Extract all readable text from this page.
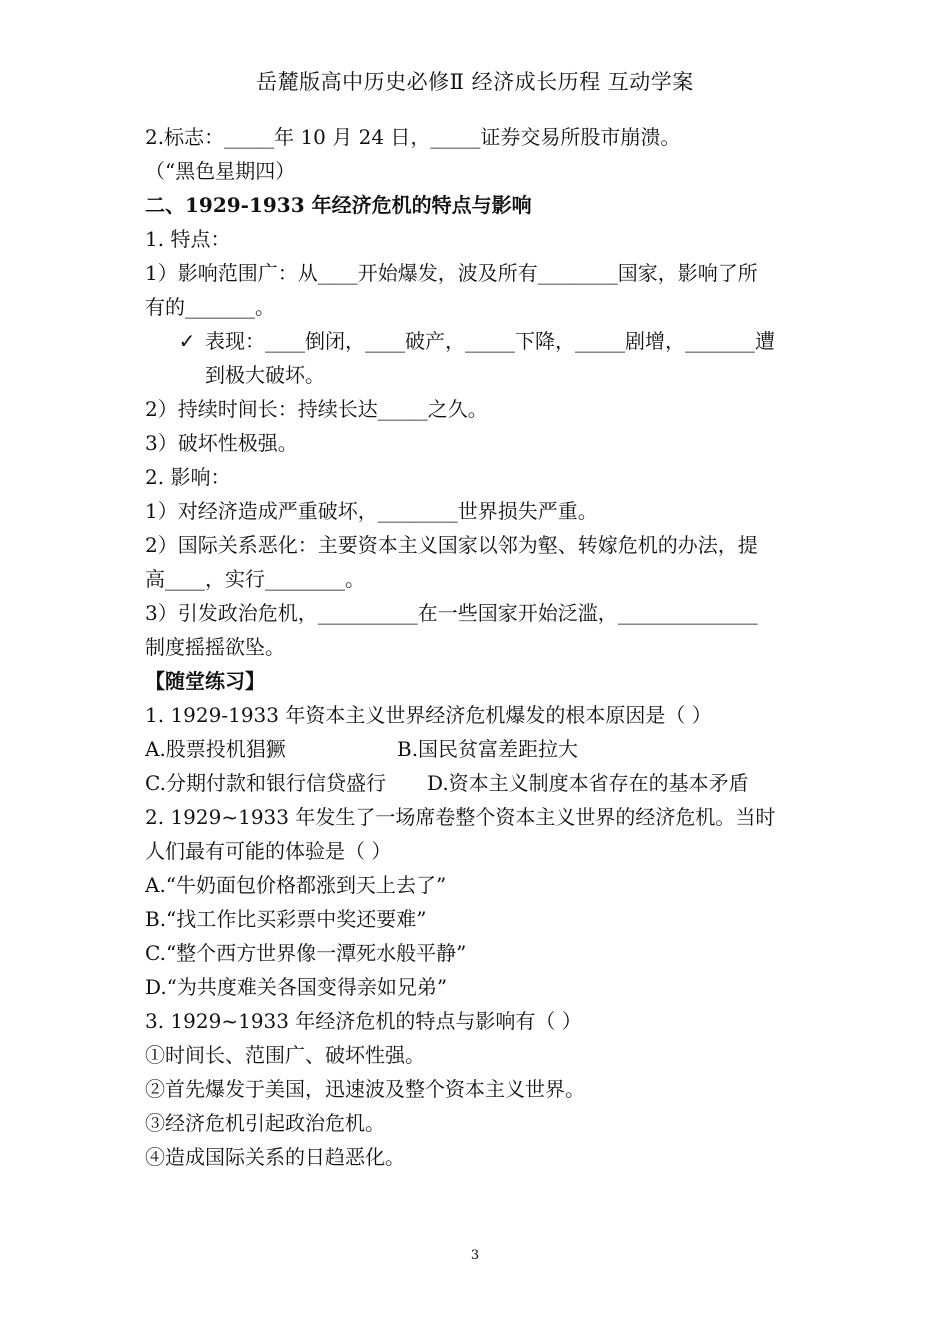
岳麓版高中历史必修Ⅱ 经济成长历程 互动学案
2.标志：_____年 10 月 24 日，_____证券交易所股市崩溃。
（“黑色星期四）
二、1929-1933 年经济危机的特点与影响
1. 特点：
1）影响范围广：从____开始爆发，波及所有________国家，影响了所
有的_______。
✓ 表现：____倒闭，____破产，_____下降，_____剧增，_______遭
到极大破坏。
2）持续时间长：持续长达_____之久。
3）破坏性极强。
2. 影响：
1）对经济造成严重破坏，________世界损失严重。
2）国际关系恶化：主要资本主义国家以邻为壑、转嫁危机的办法，提
高____，实行________。
3）引发政治危机，__________在一些国家开始泛滥，______________
制度摇摇欲坠。
【随堂练习】
1. 1929-1933 年资本主义世界经济危机爆发的根本原因是（ ）
A.股票投机猖獗	B.国民贫富差距拉大
C.分期付款和银行信贷盛行 D.资本主义制度本省存在的基本矛盾
2. 1929~1933 年发生了一场席卷整个资本主义世界的经济危机。当时
人们最有可能的体验是（ ）
A.“牛奶面包价格都涨到天上去了”
B.“找工作比买彩票中奖还要难”
C.“整个西方世界像一潭死水般平静”
D.“为共度难关各国变得亲如兄弟”
3. 1929~1933 年经济危机的特点与影响有（ ）
①时间长、范围广、破坏性强。
②首先爆发于美国，迅速波及整个资本主义世界。
③经济危机引起政治危机。
④造成国际关系的日趋恶化。
3
